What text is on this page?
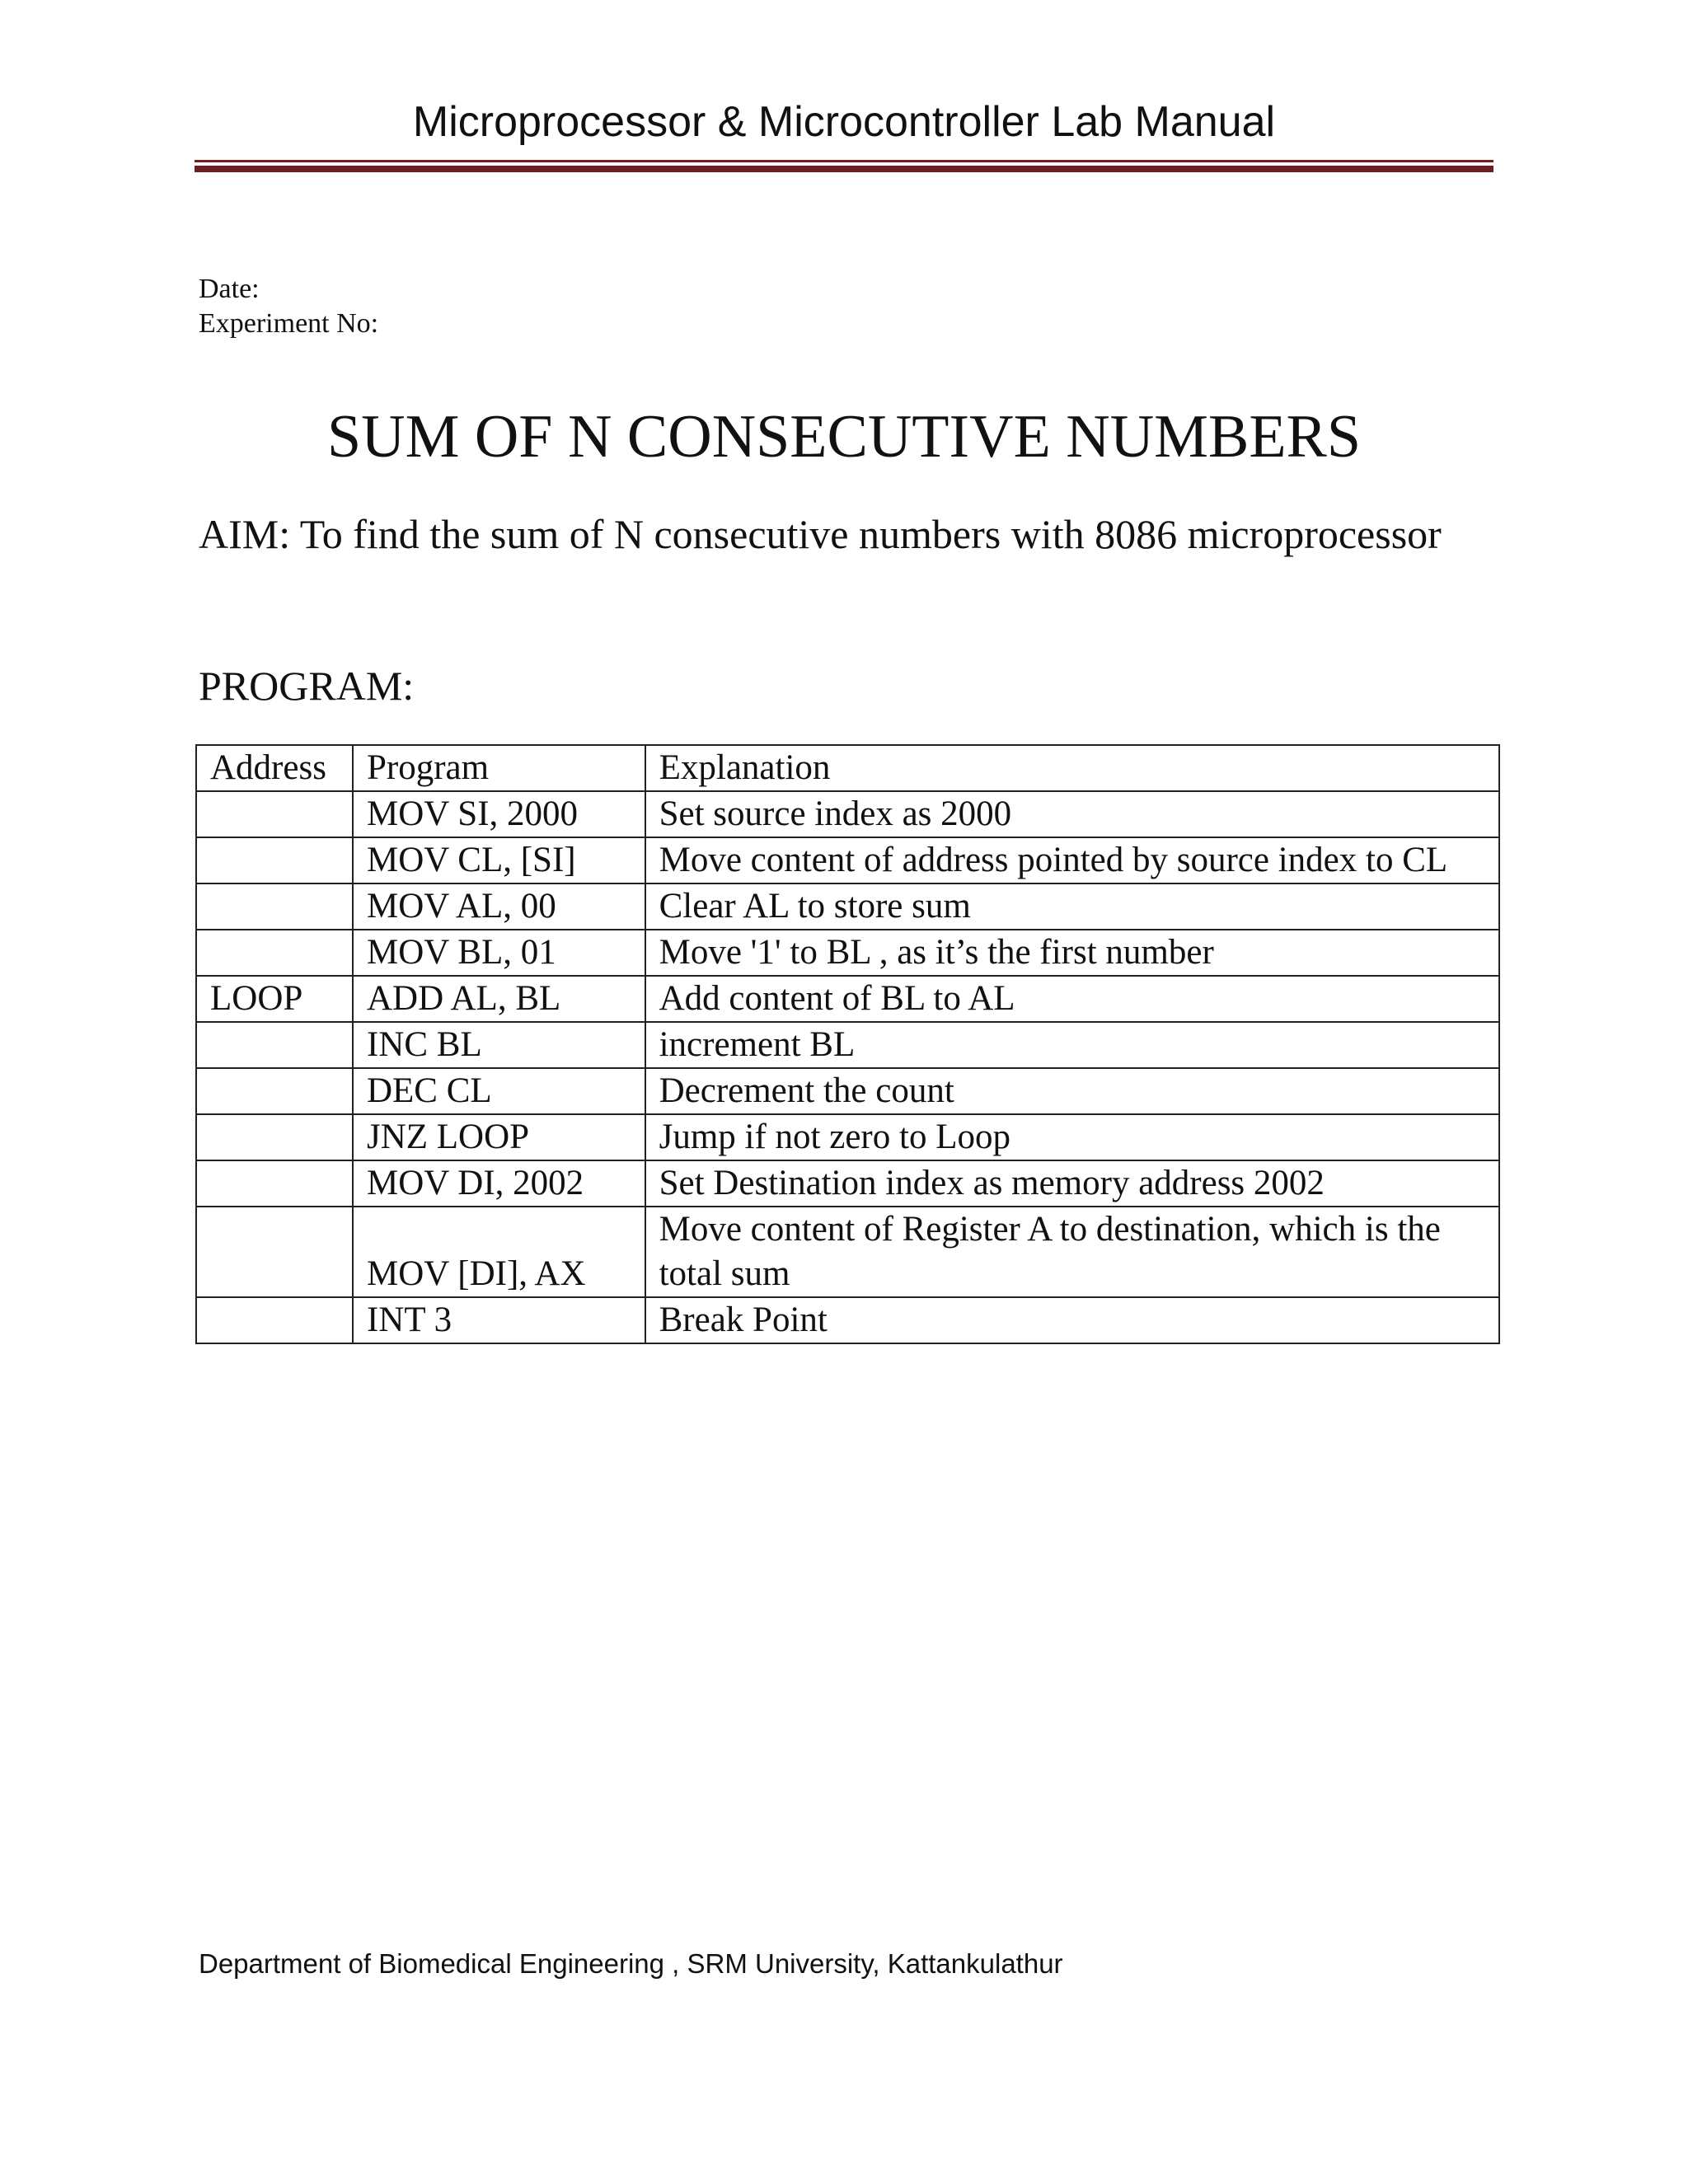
Microprocessor & Microcontroller Lab Manual
Date:
Experiment No:
SUM OF N CONSECUTIVE NUMBERS
AIM: To find the sum of N consecutive numbers with 8086 microprocessor
PROGRAM:
Address	Program	Explanation
	MOV SI, 2000	Set source index as 2000
	MOV CL, [SI]	Move content of address pointed by source index to CL
	MOV AL, 00	Clear AL to store sum
	MOV BL, 01	Move '1' to BL , as it’s the first number
LOOP	ADD AL, BL	Add content of BL to AL
	INC BL	increment BL
	DEC CL	Decrement the count
	JNZ LOOP	Jump if not zero to Loop
	MOV DI, 2002	Set Destination index as memory address 2002
	MOV [DI], AX	Move content of Register A to destination, which is the total sum
	INT 3	Break Point
Department of Biomedical Engineering , SRM University, Kattankulathur
